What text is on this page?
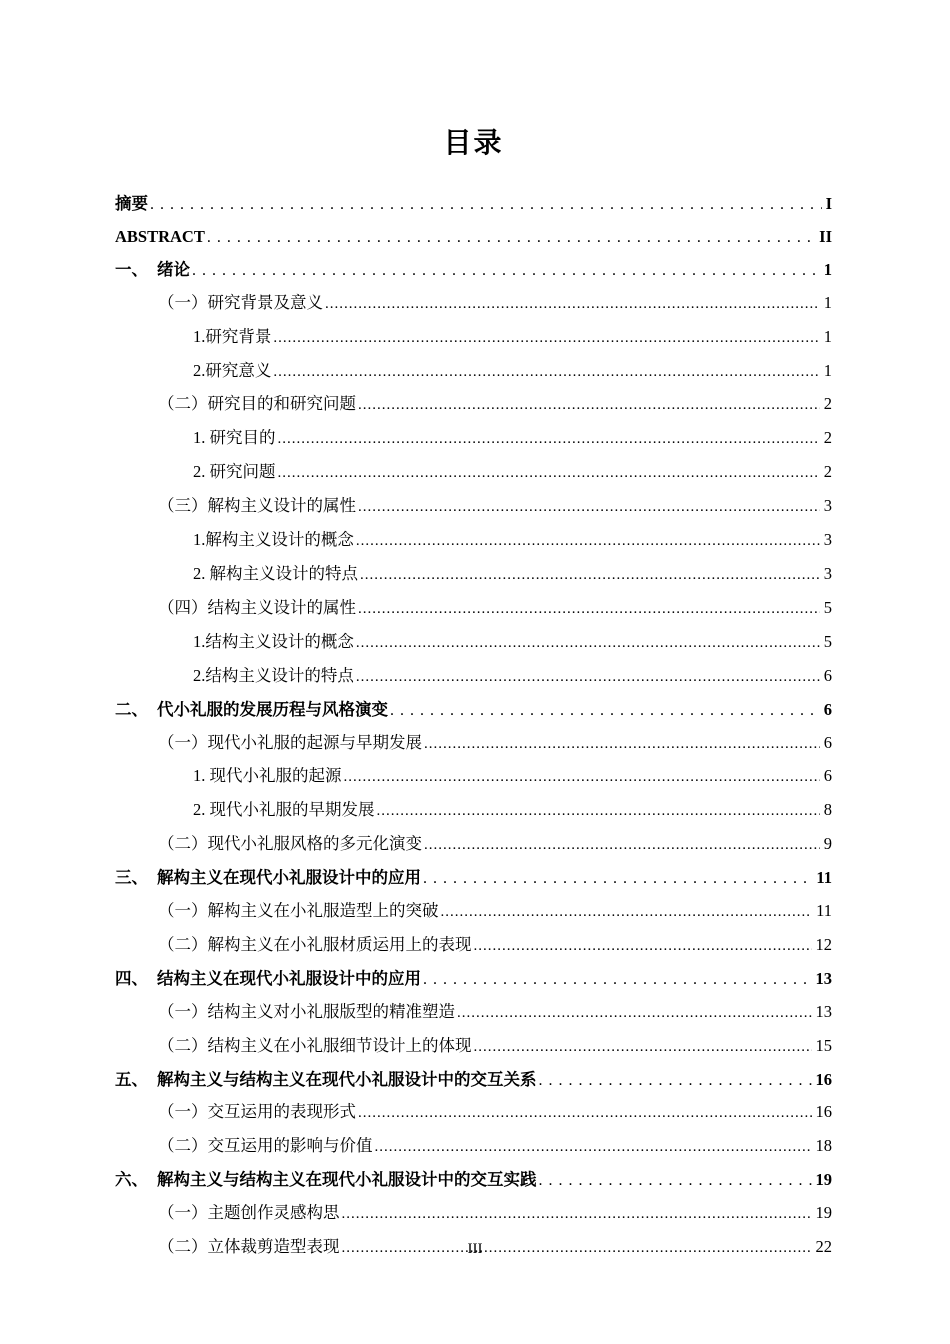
目录
摘要 .....	I
ABSTRACT .....	II
一、 绪论 .....	1
（一）研究背景及意义 .....	1
1.研究背景 .....	1
2.研究意义 .....	1
（二）研究目的和研究问题 .....	2
1. 研究目的 .....	2
2. 研究问题 .....	2
（三）解构主义设计的属性 .....	3
1.解构主义设计的概念 .....	3
2. 解构主义设计的特点 .....	3
（四）结构主义设计的属性 .....	5
1.结构主义设计的概念 .....	5
2.结构主义设计的特点 .....	6
二、 代小礼服的发展历程与风格演变 .....	6
（一）现代小礼服的起源与早期发展 .....	6
1. 现代小礼服的起源 .....	6
2. 现代小礼服的早期发展 .....	8
（二）现代小礼服风格的多元化演变 .....	9
三、 解构主义在现代小礼服设计中的应用 .....	11
（一）解构主义在小礼服造型上的突破 .....	11
（二）解构主义在小礼服材质运用上的表现 .....	12
四、 结构主义在现代小礼服设计中的应用 .....	13
（一）结构主义对小礼服版型的精准塑造 .....	13
（二）结构主义在小礼服细节设计上的体现 .....	15
五、 解构主义与结构主义在现代小礼服设计中的交互关系 .....	16
（一）交互运用的表现形式 .....	16
（二）交互运用的影响与价值 .....	18
六、 解构主义与结构主义在现代小礼服设计中的交互实践 .....	19
（一）主题创作灵感构思 .....	19
（二）立体裁剪造型表现 .....	22
III
